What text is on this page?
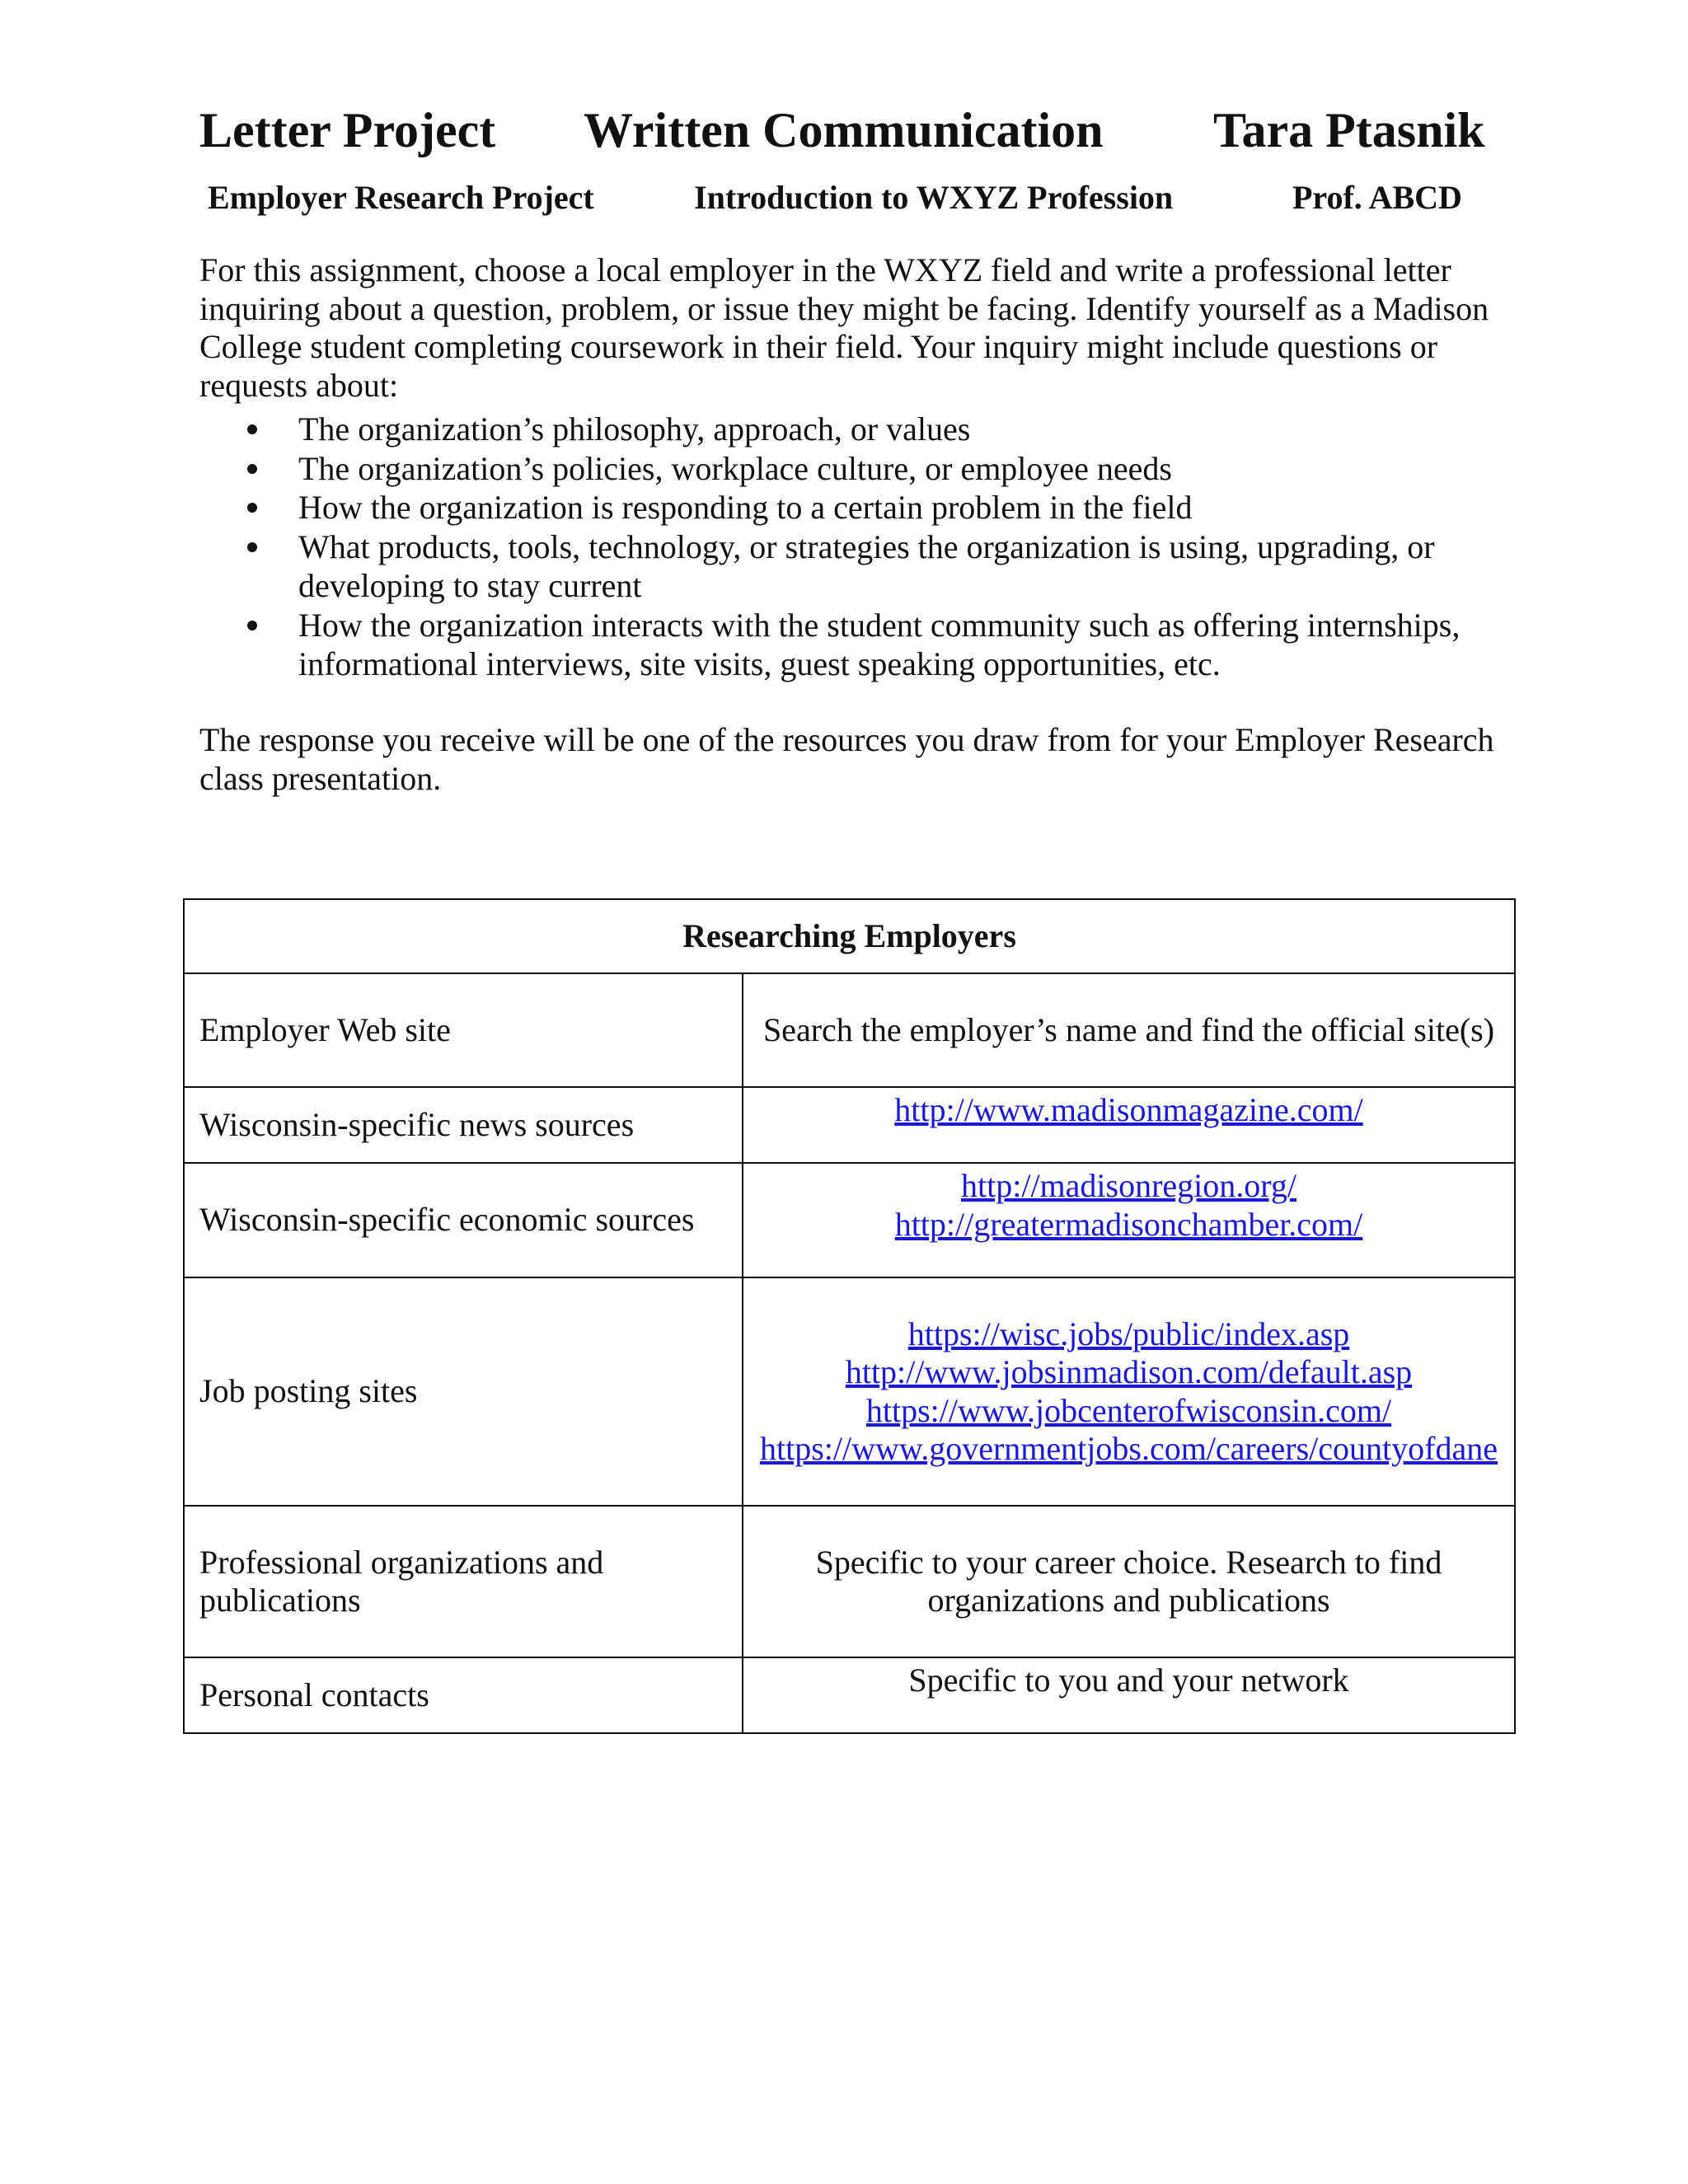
Letter Project Written Communication Tara Ptasnik
Employer Research Project	Introduction to WXYZ Profession	Prof. ABCD

For this assignment, choose a local employer in the WXYZ field and write a professional letter inquiring about a question, problem, or issue they might be facing. Identify yourself as a Madison College student completing coursework in their field. Your inquiry might include questions or requests about:

The organization’s philosophy, approach, or values
The organization’s policies, workplace culture, or employee needs
How the organization is responding to a certain problem in the field
What products, tools, technology, or strategies the organization is using, upgrading, or developing to stay current
How the organization interacts with the student community such as offering internships, informational interviews, site visits, guest speaking opportunities, etc.

The response you receive will be one of the resources you draw from for your Employer Research class presentation.

Researching Employers	
Employer Web site	Search the employer’s name and find the official site(s)
Wisconsin-specific news sources	http://www.madisonmagazine.com/

Wisconsin-specific economic sources	http://madisonregion.org/
http://greatermadisonchamber.com/

Job posting sites	https://wisc.jobs/public/index.asp
http://www.jobsinmadison.com/default.asp
https://www.jobcenterofwisconsin.com/
https://www.governmentjobs.com/careers/countyofdane

Professional organizations and publications	Specific to your career choice. Research to find organizations and publications
Personal contacts	Specific to you and your network
